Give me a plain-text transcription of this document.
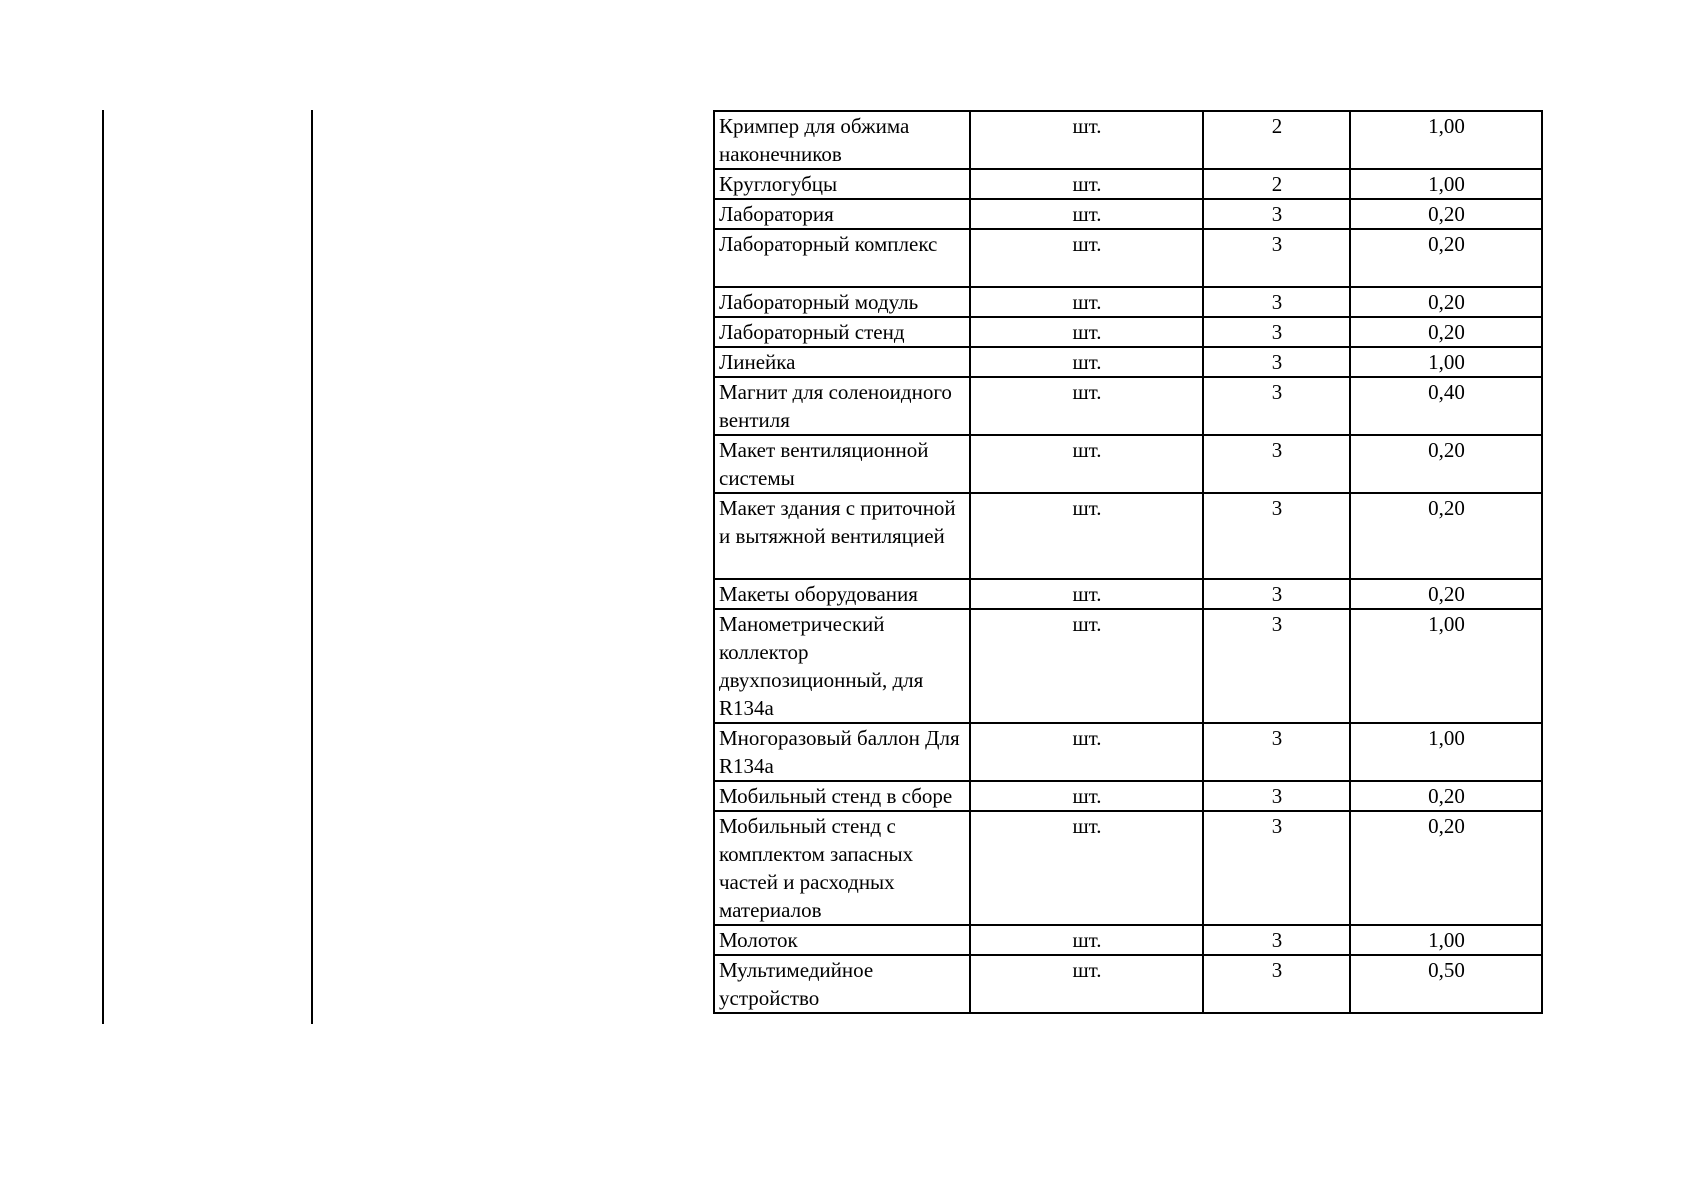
Кримпер для обжима наконечников	шт.	2	1,00
Круглогубцы	шт.	2	1,00
Лаборатория	шт.	3	0,20
Лабораторный комплекс	шт.	3	0,20
Лабораторный модуль	шт.	3	0,20
Лабораторный стенд	шт.	3	0,20
Линейка	шт.	3	1,00
Магнит для соленоидного вентиля	шт.	3	0,40
Макет вентиляционной системы	шт.	3	0,20
Макет здания с приточной и вытяжной вентиляцией	шт.	3	0,20
Макеты оборудования	шт.	3	0,20
Манометрический коллектор двухпозиционный, для R134a	шт.	3	1,00
Многоразовый баллон Для R134a	шт.	3	1,00
Мобильный стенд в сборе	шт.	3	0,20
Мобильный стенд с комплектом запасных частей и расходных материалов	шт.	3	0,20
Молоток	шт.	3	1,00
Мультимедийное устройство	шт.	3	0,50
